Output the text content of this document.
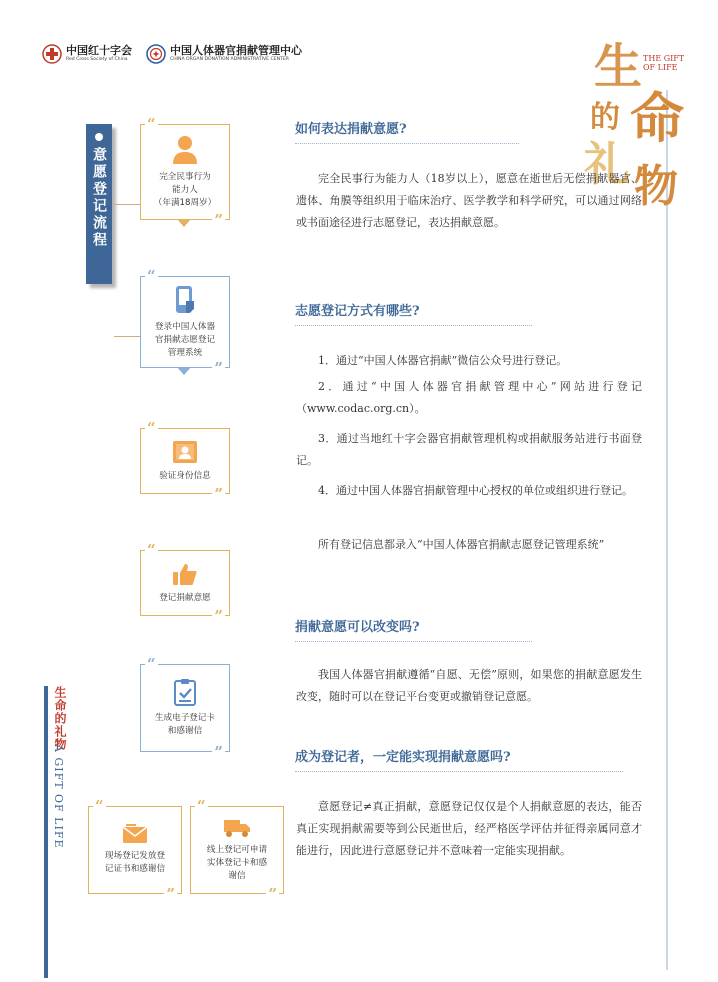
中国红十字会
Red Cross Society of China
中国人体器官捐献管理中心
CHINA ORGAN DONATION ADMINISTRATIVE CENTER	生 THE GIFT
OF LIFE
的 命
礼 物
意愿登记流程
“
完全民事行为
能力人
（年满18周岁）
”
“
登录中国人体器
官捐献志愿登记
管理系统
”
“
验证身份信息
”
“
登记捐献意愿
”
“
生成电子登记卡
和感谢信
”
“
现场登记发放登
记证书和感谢信
”
“
线上登记可申请
实体登记卡和感
谢信
”
生命的礼物
A GIFT OF LIFE
如何表达捐献意愿?

完全民事行为能力人（18岁以上），愿意在逝世后无偿捐献器官、遗体、角膜等组织用于临床治疗、医学教学和科学研究，可以通过网络或书面途径进行志愿登记，表达捐献意愿。

志愿登记方式有哪些?

1．通过“中国人体器官捐献”微信公众号进行登记。

2．通过“中国人体器官捐献管理中心”网站进行登记（www.codac.org.cn）。

3．通过当地红十字会器官捐献管理机构或捐献服务站进行书面登记。

4．通过中国人体器官捐献管理中心授权的单位或组织进行登记。

所有登记信息都录入“中国人体器官捐献志愿登记管理系统”

捐献意愿可以改变吗?

我国人体器官捐献遵循“自愿、无偿”原则，如果您的捐献意愿发生改变，随时可以在登记平台变更或撤销登记意愿。

成为登记者，一定能实现捐献意愿吗?

意愿登记≠真正捐献，意愿登记仅仅是个人捐献意愿的表达，能否真正实现捐献需要等到公民逝世后，经严格医学评估并征得亲属同意才能进行，因此进行意愿登记并不意味着一定能实现捐献。
